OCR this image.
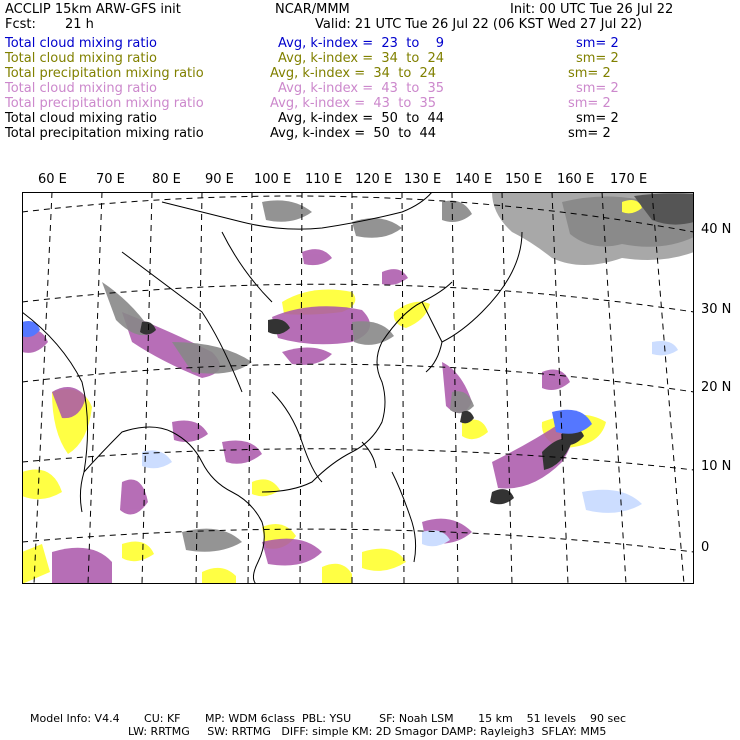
ACCLIP 15km ARW-GFS init	NCAR/MMM	Init: 00 UTC Tue 26 Jul 22
Fcst: 21 h	Valid: 21 UTC Tue 26 Jul 22 (06 KST Wed 27 Jul 22)
Total cloud mixing ratio	Avg, k-index =  23  to    9	sm= 2
Total cloud mixing ratio	Avg, k-index =  34  to  24	sm= 2
Total precipitation mixing ratio	Avg, k-index =  34  to  24	sm= 2
Total cloud mixing ratio	Avg, k-index =  43  to  35	sm= 2
Total precipitation mixing ratio	Avg, k-index =  43  to  35	sm= 2
Total cloud mixing ratio	Avg, k-index =  50  to  44	sm= 2
Total precipitation mixing ratio	Avg, k-index =  50  to  44	sm= 2
60 E 70 E 80 E 90 E 100 E 110 E 120 E 130 E 140 E 150 E 160 E 170 E
40 N
30 N
20 N
10 N
0
Model Info: V4.4       CU: KF       MP: WDM 6class  PBL: YSU        SF: Noah LSM       15 km    51 levels    90 sec
LW: RRTMG     SW: RRTMG   DIFF: simple KM: 2D Smagor DAMP: Rayleigh3  SFLAY: MM5
